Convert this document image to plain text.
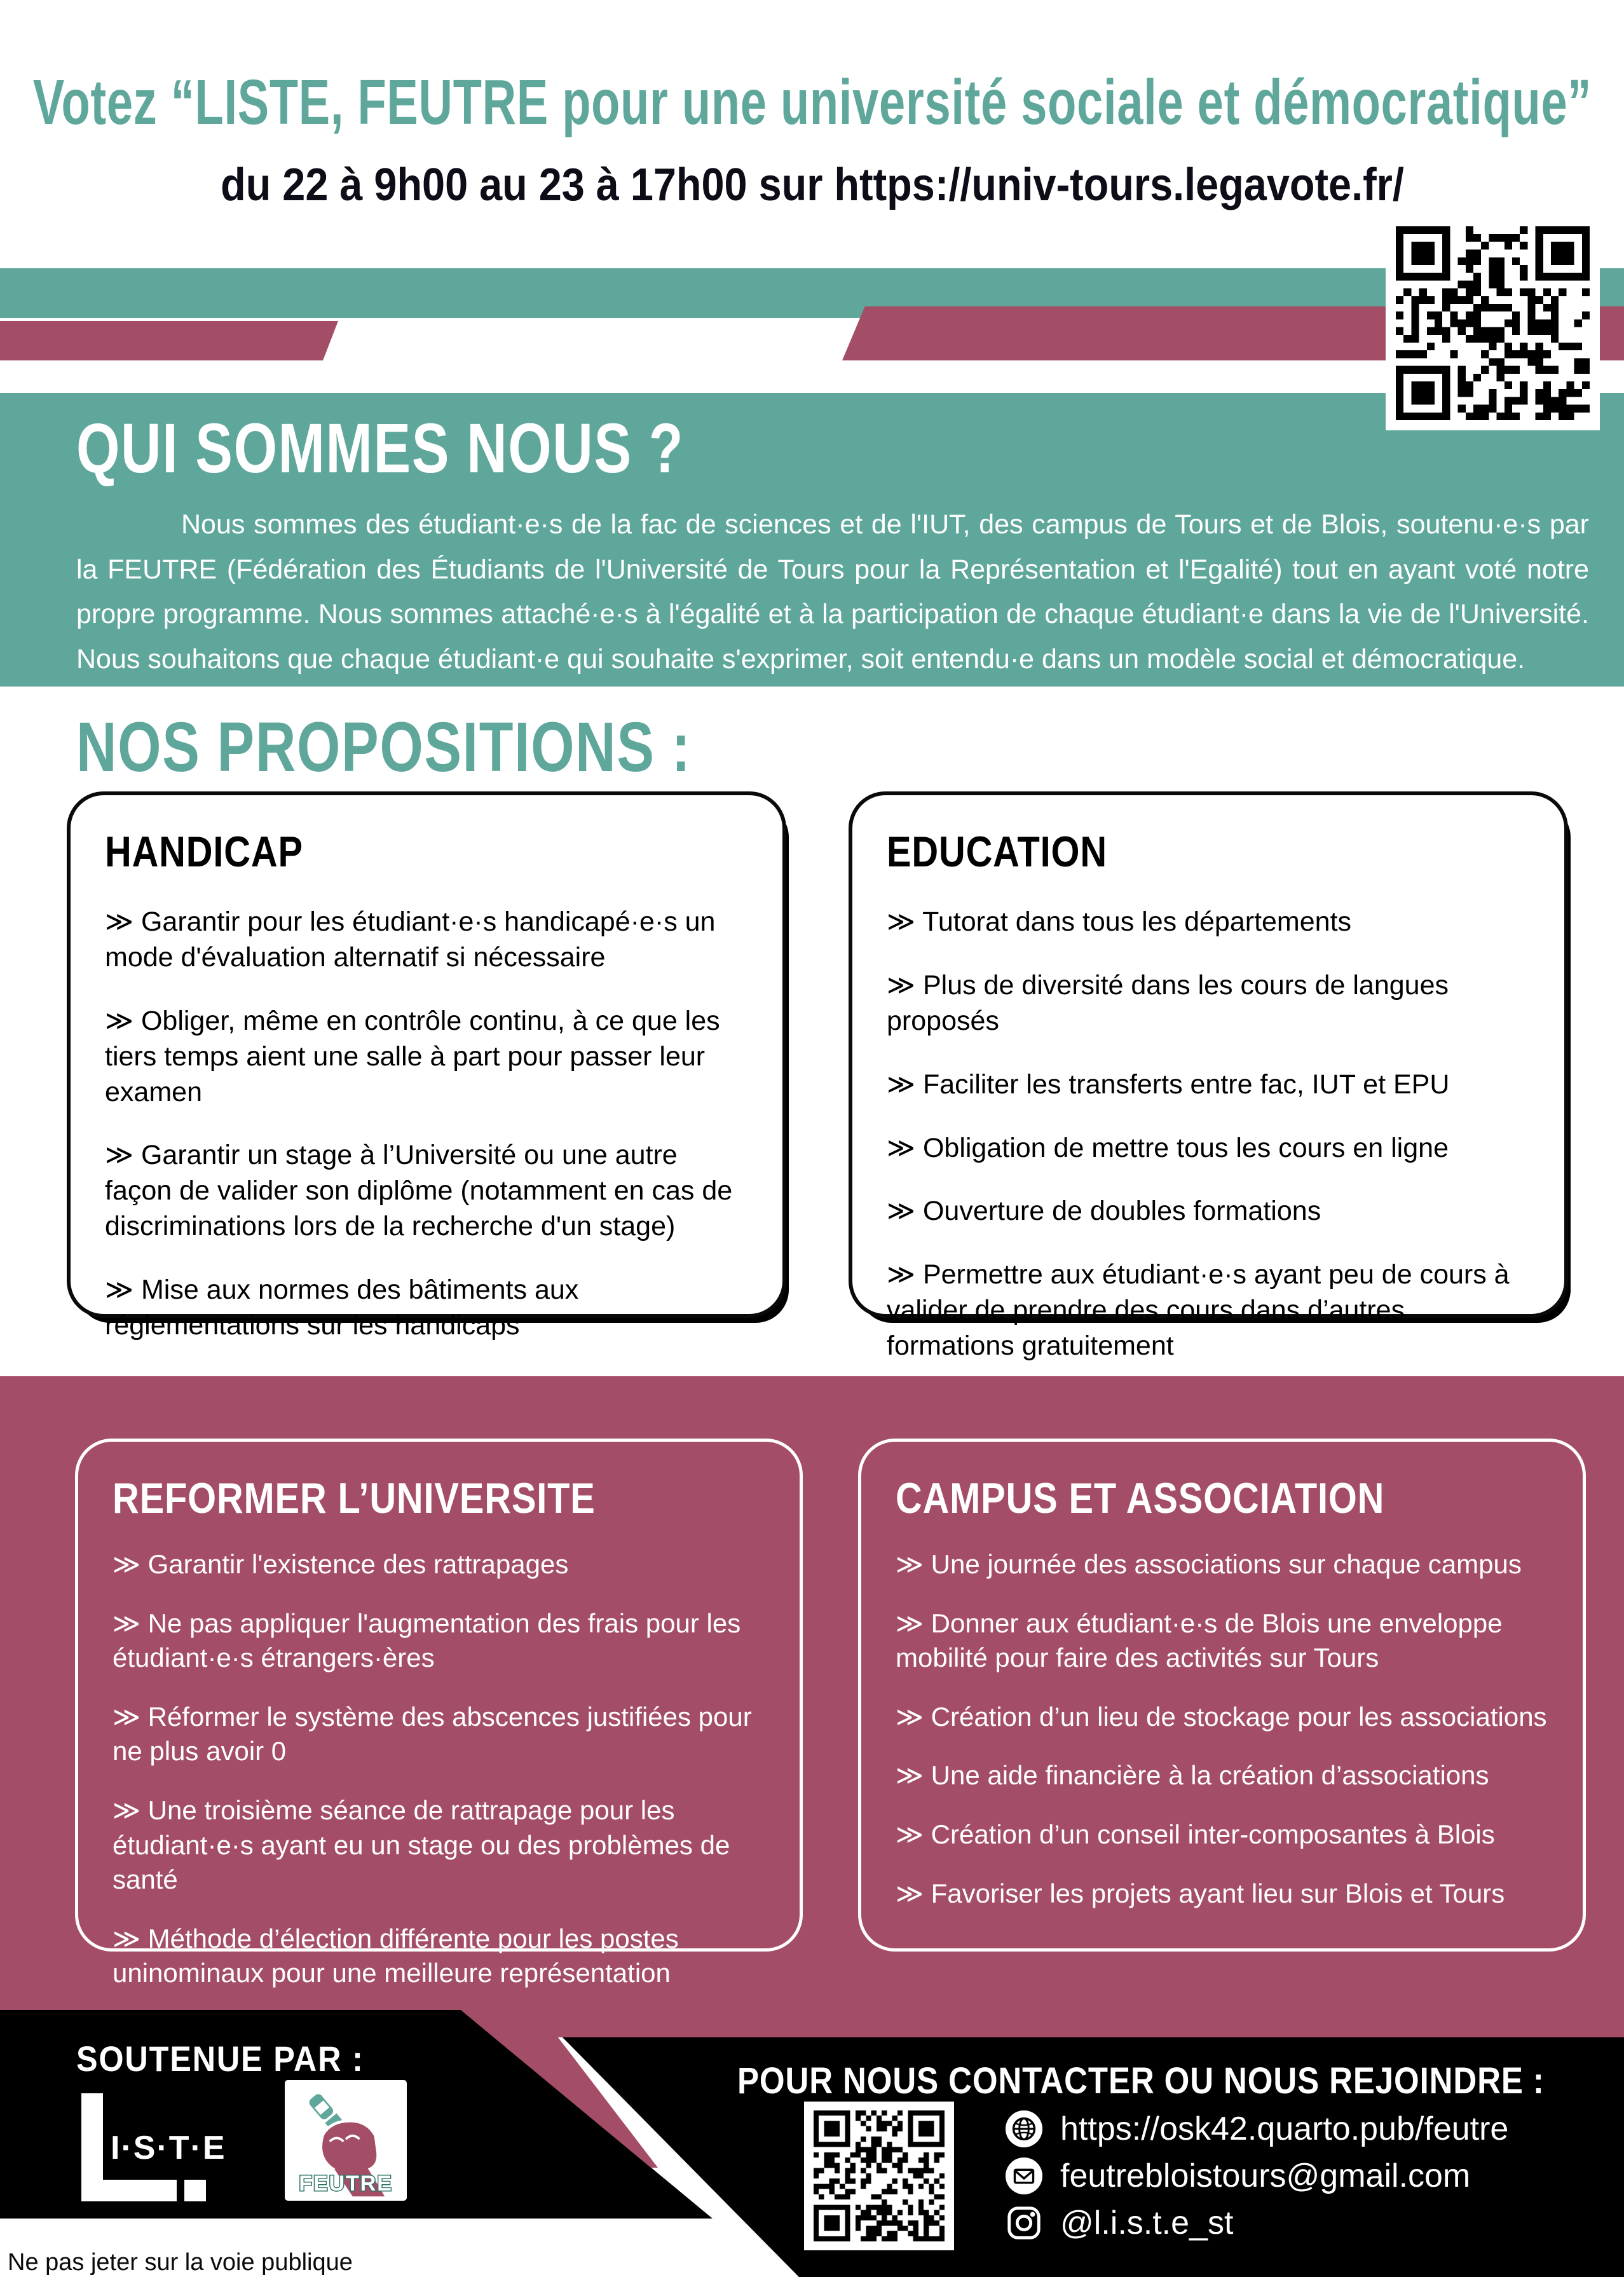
Votez “LISTE, FEUTRE pour une université sociale et démocratique”
du 22 à 9h00 au 23 à 17h00 sur https://univ-tours.legavote.fr/
QUI SOMMES NOUS ?
Nous sommes des étudiant·e·s de la fac de sciences et de l'IUT, des campus de Tours et de Blois, soutenu·e·s par la FEUTRE (Fédération des Étudiants de l'Université de Tours pour la Représentation et l'Egalité) tout en ayant voté notre propre programme. Nous sommes attaché·e·s à l'égalité et à la participation de chaque étudiant·e dans la vie de l'Université. Nous souhaitons que chaque étudiant·e qui souhaite s'exprimer, soit entendu·e dans un modèle social et démocratique.
NOS PROPOSITIONS :
HANDICAP
≫ Garantir pour les étudiant·e·s handicapé·e·s un mode d'évaluation alternatif si nécessaire
≫ Obliger, même en contrôle continu, à ce que les tiers temps aient une salle à part pour passer leur examen
≫ Garantir un stage à l’Université ou une autre façon de valider son diplôme (notamment en cas de discriminations lors de la recherche d'un stage)
≫ Mise aux normes des bâtiments aux réglementations sur les handicaps
EDUCATION
≫ Tutorat dans tous les départements
≫ Plus de diversité dans les cours de langues proposés
≫ Faciliter les transferts entre fac, IUT et EPU
≫ Obligation de mettre tous les cours en ligne
≫ Ouverture de doubles formations
≫ Permettre aux étudiant·e·s ayant peu de cours à valider de prendre des cours dans d’autres formations gratuitement
REFORMER L’UNIVERSITE
≫ Garantir l'existence des rattrapages
≫ Ne pas appliquer l'augmentation des frais pour les étudiant·e·s étrangers·ères
≫ Réformer le système des abscences justifiées pour ne plus avoir 0
≫ Une troisième séance de rattrapage pour les étudiant·e·s ayant eu un stage ou des problèmes de santé
≫ Méthode d’élection différente pour les postes uninominaux pour une meilleure représentation
CAMPUS ET ASSOCIATION
≫ Une journée des associations sur chaque campus
≫ Donner aux étudiant·e·s de Blois une enveloppe mobilité pour faire des activités sur Tours
≫ Création d’un lieu de stockage pour les associations
≫ Une aide financière à la création d’associations
≫ Création d’un conseil inter-composantes à Blois
≫ Favoriser les projets ayant lieu sur Blois et Tours
SOUTENUE PAR :
I·S·T·E
FEUTRE
POUR NOUS CONTACTER OU NOUS REJOINDRE :
https://osk42.quarto.pub/feutre
feutrebloistours@gmail.com
@l.i.s.t.e_st
Ne pas jeter sur la voie publique
